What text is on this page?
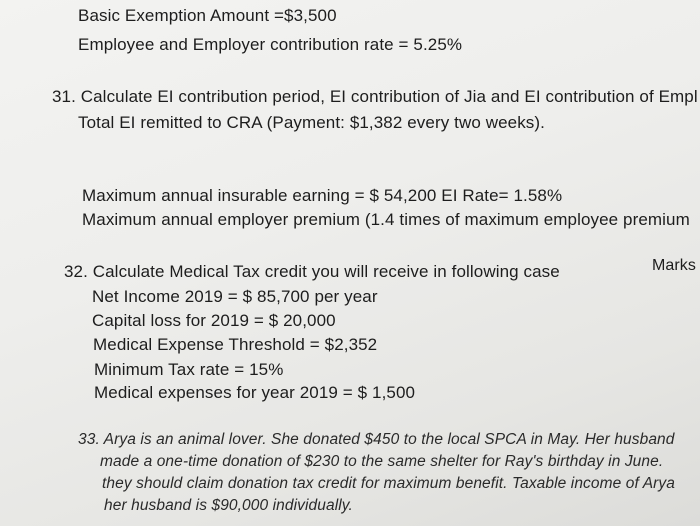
Basic Exemption Amount =$3,500
Employee and Employer contribution rate = 5.25%
31. Calculate EI contribution period, EI contribution of Jia and EI contribution of Empl
Total EI remitted to CRA (Payment: $1,382 every two weeks).
Maximum annual insurable earning = $ 54,200 EI Rate= 1.58%
Maximum annual employer premium (1.4 times of maximum employee premium
32. Calculate Medical Tax credit you will receive in following case	Marks
Net Income 2019 = $ 85,700 per year
Capital loss for 2019 = $ 20,000
Medical Expense Threshold = $2,352
Minimum Tax rate = 15%
Medical expenses for year 2019 = $ 1,500
33. Arya is an animal lover. She donated $450 to the local SPCA in May. Her husband
made a one-time donation of $230 to the same shelter for Ray's birthday in June.
they should claim donation tax credit for maximum benefit. Taxable income of Arya
her husband is $90,000 individually.
